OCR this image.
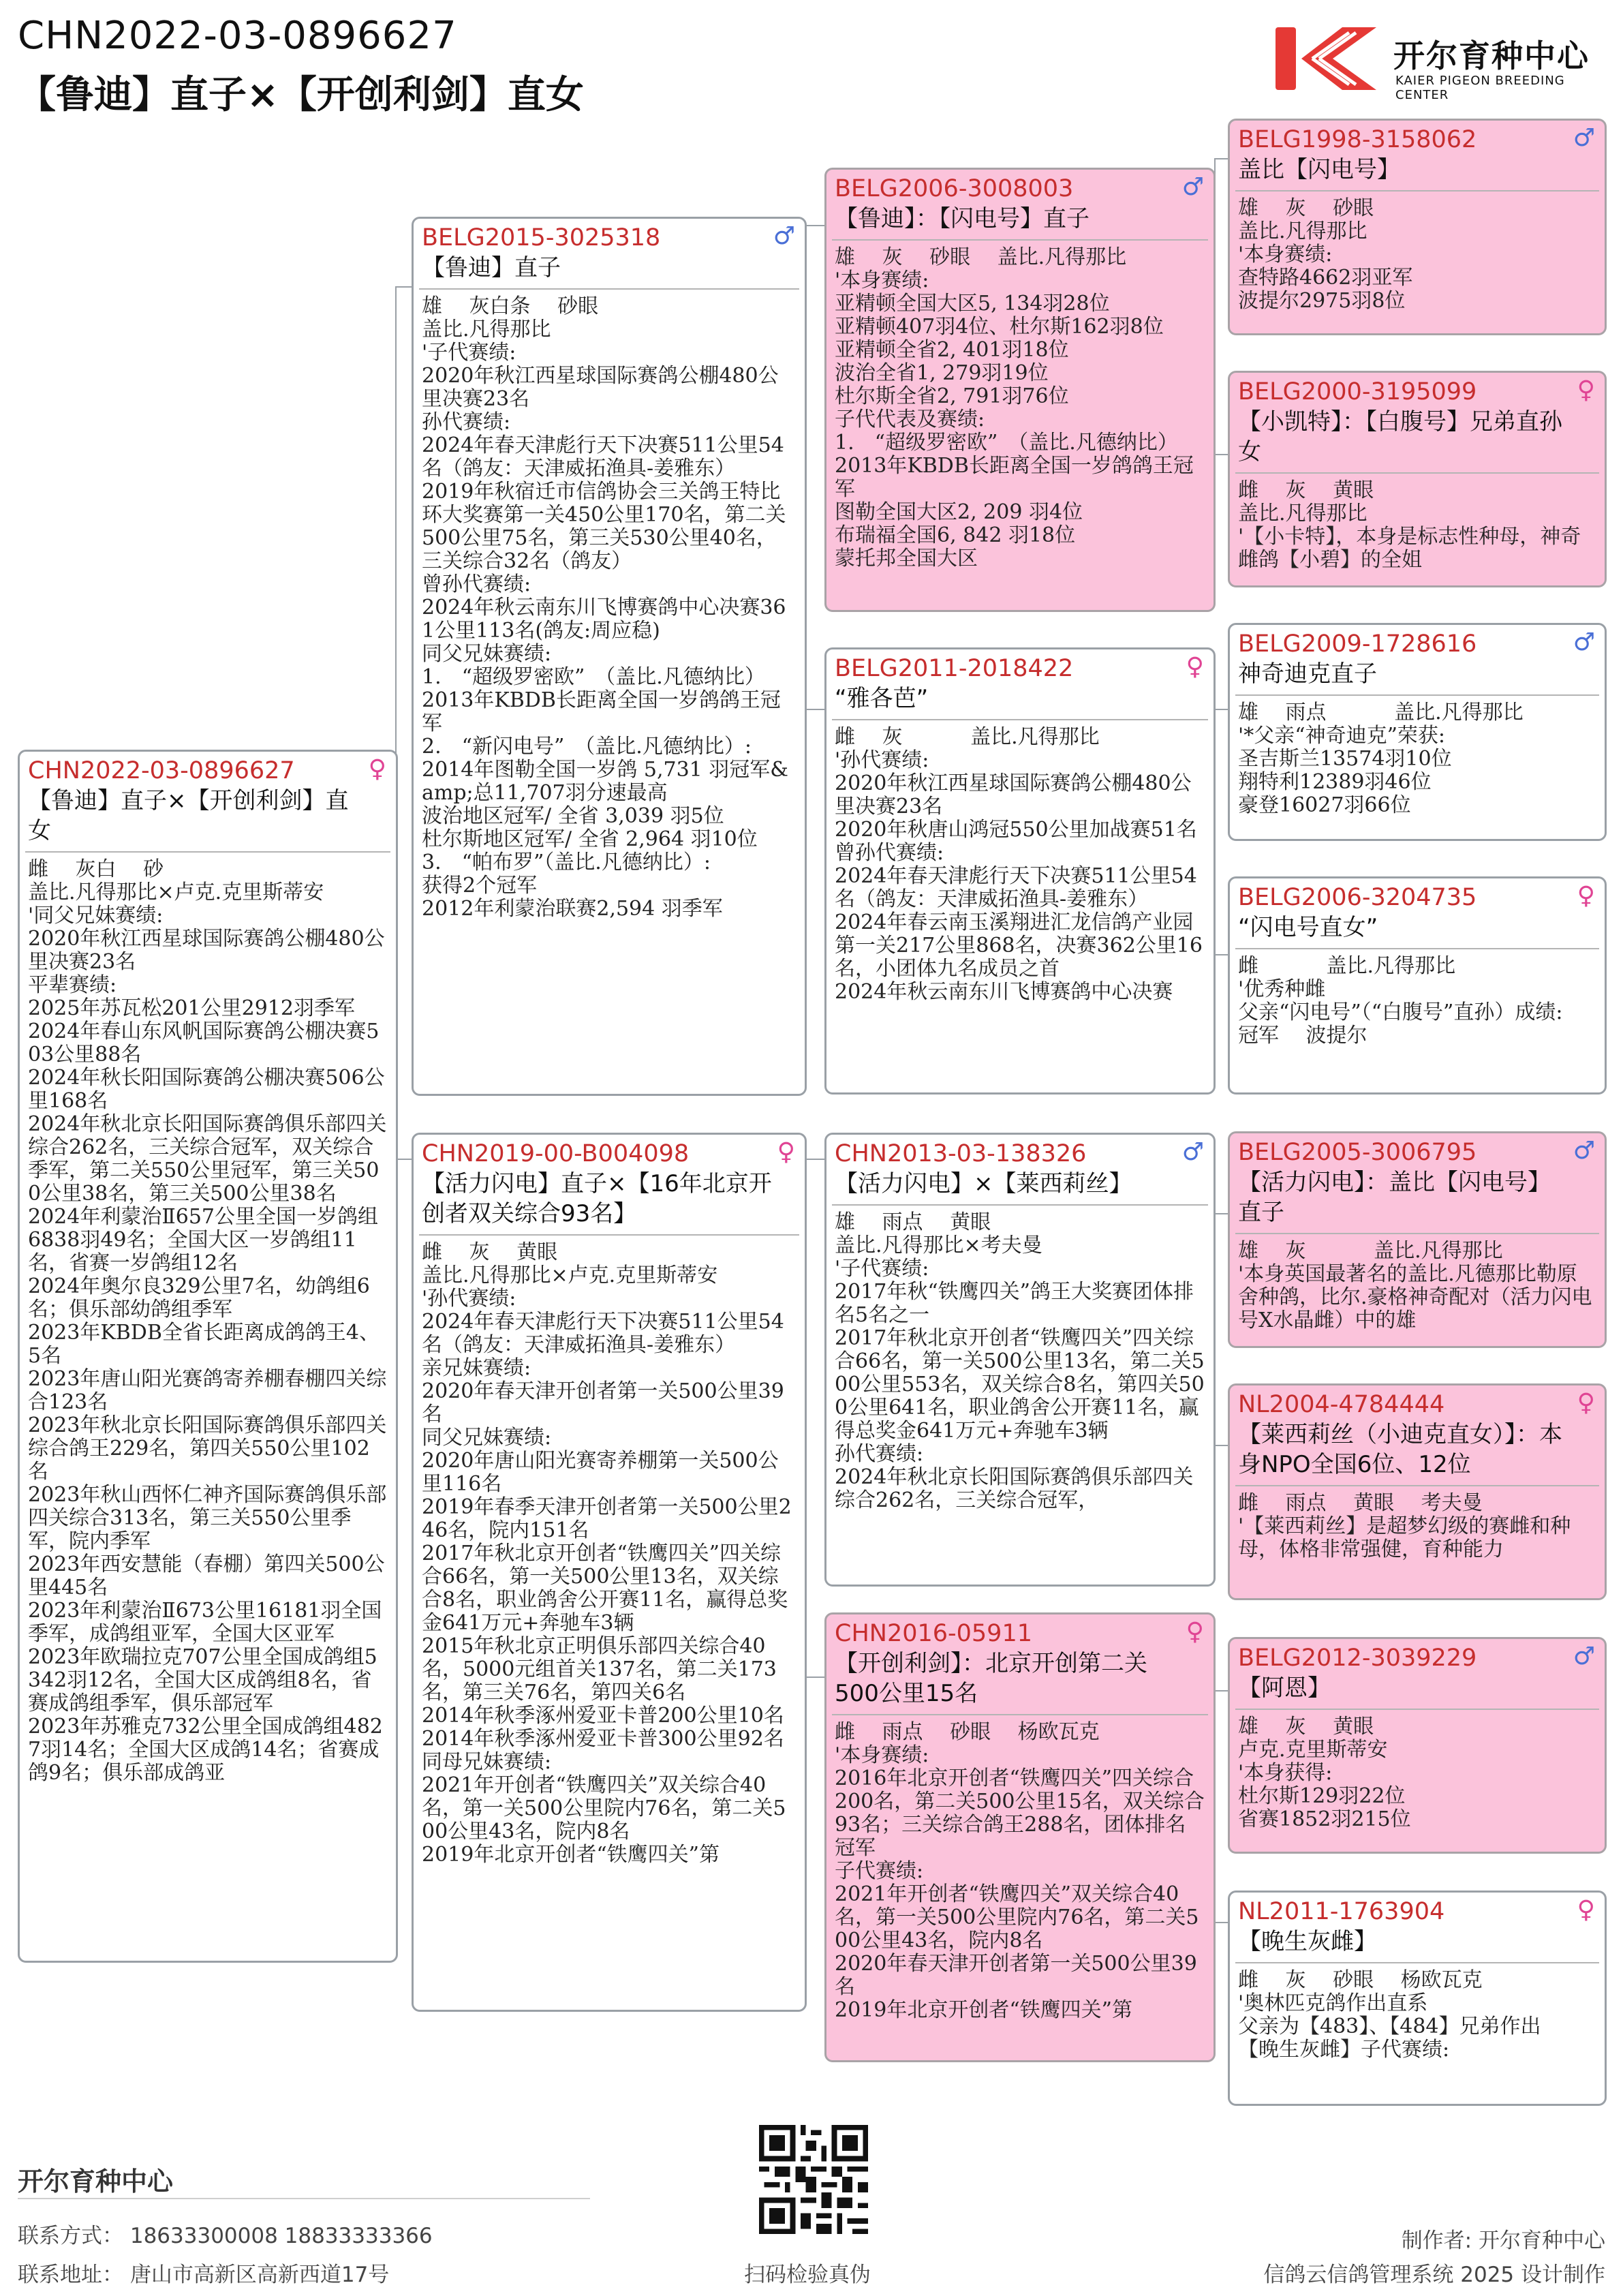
CHN2022-03-0896627
【鲁迪】直子×【开创利剑】直女
开尔育种中心
KAIER PIGEON BREEDING CENTER
CHN2022-03-0896627
【鲁迪】直子×【开创利剑】直女
♀
雌　 灰白　 砂
盖比.凡得那比×卢克.克里斯蒂安
'同父兄妹赛绩:
2020年秋江西星球国际赛鸽公棚480公里决赛23名
平辈赛绩:
2025年苏瓦松201公里2912羽季军
2024年春山东风帆国际赛鸽公棚决赛503公里88名
2024年秋长阳国际赛鸽公棚决赛506公里168名
2024年秋北京长阳国际赛鸽俱乐部四关综合262名，三关综合冠军，双关综合季军，第二关550公里冠军，第三关500公里38名，第三关500公里38名
2024年利蒙治Ⅱ657公里全国一岁鸽组6838羽49名；全国大区一岁鸽组11名，省赛一岁鸽组12名
2024年奥尔良329公里7名，幼鸽组6名；俱乐部幼鸽组季军
2023年KBDB全省长距离成鸽鸽王4、5名
2023年唐山阳光赛鸽寄养棚春棚四关综合123名
2023年秋北京长阳国际赛鸽俱乐部四关综合鸽王229名，第四关550公里102名
2023年秋山西怀仁神齐国际赛鸽俱乐部四关综合313名，第三关550公里季军，院内季军
2023年西安慧能（春棚）第四关500公里445名
2023年利蒙治Ⅱ673公里16181羽全国季军，成鸽组亚军，全国大区亚军
2023年欧瑞拉克707公里全国成鸽组5342羽12名，全国大区成鸽组8名，省赛成鸽组季军，俱乐部冠军
2023年苏雅克732公里全国成鸽组4827羽14名；全国大区成鸽14名；省赛成鸽9名；俱乐部成鸽亚
BELG2015-3025318
【鲁迪】直子
♂
雄　 灰白条　 砂眼
盖比.凡得那比
'子代赛绩:
2020年秋江西星球国际赛鸽公棚480公里决赛23名
孙代赛绩:
2024年春天津彪行天下决赛511公里54名（鸽友：天津威拓渔具-姜雅东）
2019年秋宿迁市信鸽协会三关鸽王特比环大奖赛第一关450公里170名，第二关500公里75名，第三关530公里40名，三关综合32名（鸽友）
曾孙代赛绩:
2024年秋云南东川飞博赛鸽中心决赛361公里113名(鸽友:周应稳)
同父兄妹赛绩:
1.　“超级罗密欧”　（盖比.凡德纳比）
2013年KBDB长距离全国一岁鸽鸽王冠军
2.　“新闪电号”　（盖比.凡德纳比）:
2014年图勒全国一岁鸽 5,731 羽冠军&amp;总11,707羽分速最高
波治地区冠军/ 全省 3,039 羽5位
杜尔斯地区冠军/ 全省 2,964 羽10位
3.　“帕布罗”（盖比.凡德纳比）:
获得2个冠军
2012年利蒙治联赛2,594 羽季军
CHN2019-00-B004098
【活力闪电】直子×【16年北京开创者双关综合93名】
♀
雌　 灰　 黄眼
盖比.凡得那比×卢克.克里斯蒂安
'孙代赛绩:
2024年春天津彪行天下决赛511公里54名（鸽友：天津威拓渔具-姜雅东）
亲兄妹赛绩:
2020年春天津开创者第一关500公里39名
同父兄妹赛绩:
2020年唐山阳光赛寄养棚第一关500公里116名
2019年春季天津开创者第一关500公里246名，院内151名
2017年秋北京开创者“铁鹰四关”四关综合66名，第一关500公里13名，双关综合8名，职业鸽舍公开赛11名，赢得总奖金641万元+奔驰车3辆
2015年秋北京正明俱乐部四关综合40名，5000元组首关137名，第二关173名，第三关76名，第四关6名
2014年秋季涿州爱亚卡普200公里10名
2014年秋季涿州爱亚卡普300公里92名
同母兄妹赛绩:
2021年开创者“铁鹰四关”双关综合40名，第一关500公里院内76名，第二关500公里43名，院内8名
2019年北京开创者“铁鹰四关”第
BELG2006-3008003
【鲁迪】：【闪电号】直子
♂
雄　 灰　 砂眼　 盖比.凡得那比
'本身赛绩:
亚精顿全国大区5, 134羽28位
亚精顿407羽4位、杜尔斯162羽8位
亚精顿全省2, 401羽18位
波治全省1, 279羽19位
杜尔斯全省2, 791羽76位
子代代表及赛绩:
1.　“超级罗密欧”　（盖比.凡德纳比）
2013年KBDB长距离全国一岁鸽鸽王冠军
图勒全国大区2, 209 羽4位
布瑞福全国6, 842 羽18位
蒙托邦全国大区
BELG2011-2018422
“雅各芭”
♀
雌　 灰　　　 盖比.凡得那比
'孙代赛绩:
2020年秋江西星球国际赛鸽公棚480公里决赛23名
2020年秋唐山鸿冠550公里加战赛51名
曾孙代赛绩:
2024年春天津彪行天下决赛511公里54名（鸽友：天津威拓渔具-姜雅东）
2024年春云南玉溪翔进汇龙信鸽产业园第一关217公里868名，决赛362公里16名，小团体九名成员之首
2024年秋云南东川飞博赛鸽中心决赛
CHN2013-03-138326
【活力闪电】×【莱西莉丝】
♂
雄　 雨点　 黄眼
盖比.凡得那比×考夫曼
'子代赛绩:
2017年秋“铁鹰四关”鸽王大奖赛团体排名5名之一
2017年秋北京开创者“铁鹰四关”四关综合66名，第一关500公里13名，第二关500公里553名，双关综合8名，第四关500公里641名，职业鸽舍公开赛11名，赢得总奖金641万元+奔驰车3辆
孙代赛绩:
2024年秋北京长阳国际赛鸽俱乐部四关综合262名，三关综合冠军，
CHN2016-05911
【开创利剑】：北京开创第二关500公里15名
♀
雌　 雨点　 砂眼　 杨欧瓦克
'本身赛绩:
2016年北京开创者“铁鹰四关”四关综合200名，第二关500公里15名，双关综合93名；三关综合鸽王288名，团体排名冠军
子代赛绩:
2021年开创者“铁鹰四关”双关综合40名，第一关500公里院内76名，第二关500公里43名，院内8名
2020年春天津开创者第一关500公里39名
2019年北京开创者“铁鹰四关”第
BELG1998-3158062
盖比【闪电号】
♂
雄　 灰　 砂眼
盖比.凡得那比
'本身赛绩:
查特路4662羽亚军
波提尔2975羽8位

BELG2000-3195099
【小凯特】：【白腹号】兄弟直孙女
♀
雌　 灰　 黄眼
盖比.凡得那比
'【小卡特】，本身是标志性种母，神奇雌鸽【小碧】的全姐
BELG2009-1728616
神奇迪克直子
♂
雄　 雨点　　　 盖比.凡得那比
'*父亲“神奇迪克”荣获:
圣吉斯兰13574羽10位
翔特利12389羽46位
豪登16027羽66位
BELG2006-3204735
“闪电号直女”
♀
雌　　　 盖比.凡得那比
'优秀种雌
父亲“闪电号”（“白腹号”直孙）成绩:
冠军　 波提尔
BELG2005-3006795
【活力闪电】：盖比【闪电号】直子
♂
雄　 灰　　　 盖比.凡得那比
'本身英国最著名的盖比.凡德那比勒原舍种鸽，比尔.豪格神奇配对（活力闪电号X水晶雌）中的雄
NL2004-4784444
【莱西莉丝（小迪克直女）】：本身NPO全国6位、12位
♀
雌　 雨点　 黄眼　 考夫曼
'【莱西莉丝】是超梦幻级的赛雌和种母，体格非常强健，育种能力
BELG2012-3039229
【阿恩】
♂
雄　 灰　 黄眼
卢克.克里斯蒂安
'本身获得:
杜尔斯129羽22位
省赛1852羽215位
NL2011-1763904
【晚生灰雌】
♀
雌　 灰　 砂眼　 杨欧瓦克
'奥林匹克鸽作出直系
父亲为【483】、【484】兄弟作出
【晚生灰雌】子代赛绩:
开尔育种中心
联系方式： 18633300008 18833333366
联系地址： 唐山市高新区高新西道17号	扫码检验真伪
制作者: 开尔育种中心
信鸽云信鸽管理系统 2025 设计制作
